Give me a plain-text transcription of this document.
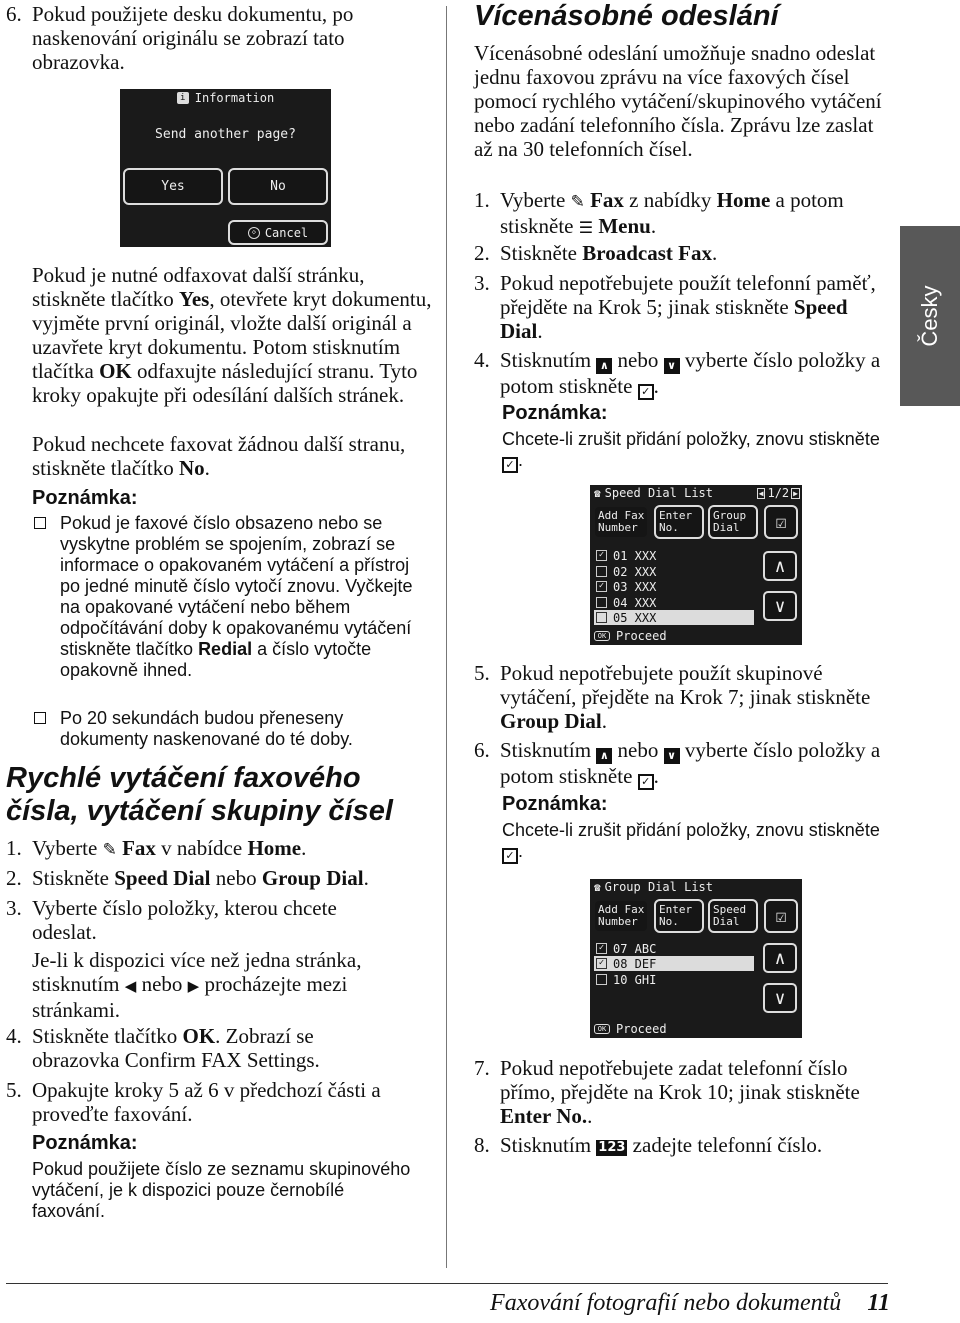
6. Pokud použijete desku dokumentu, po naskenování originálu se zobrazí tato obrazovka.
i Information
Send another page?
Yes	No
◇ Cancel
Pokud je nutné odfaxovat další stránku, stiskněte tlačítko Yes, otevřete kryt dokumentu, vyjměte první originál, vložte další originál a uzavřete kryt dokumentu. Potom stisknutím tlačítka OK odfaxujte následující stranu. Tyto kroky opakujte při odesílání dalších stránek.
Pokud nechcete faxovat žádnou další stranu, stiskněte tlačítko No.
Poznámka:
Pokud je faxové číslo obsazeno nebo se vyskytne problém se spojením, zobrazí se informace o opakovaném vytáčení a přístroj po jedné minutě číslo vytočí znovu. Vyčkejte na opakované vytáčení nebo během odpočítávání doby k opakovanému vytáčení stiskněte tlačítko Redial a číslo vytočte opakovně ihned.
Po 20 sekundách budou přeneseny dokumenty naskenované do té doby.
Rychlé vytáčení faxového čísla, vytáčení skupiny čísel
1. Vyberte ✎ Fax v nabídce Home.
2. Stiskněte Speed Dial nebo Group Dial.
3. Vyberte číslo položky, kterou chcete odeslat.
Je-li k dispozici více než jedna stránka, stisknutím ◀ nebo ▶ procházejte mezi stránkami.
4. Stiskněte tlačítko OK. Zobrazí se obrazovka Confirm FAX Settings.
5. Opakujte kroky 5 až 6 v předchozí části a proveďte faxování.
Poznámka:
Pokud použijete číslo ze seznamu skupinového vytáčení, je k dispozici pouze černobílé faxování.
Vícenásobné odeslání
Vícenásobné odeslání umožňuje snadno odeslat jednu faxovou zprávu na více faxových čísel pomocí rychlého vytáčení/skupinového vytáčení nebo zadání telefonního čísla. Zprávu lze zaslat až na 30 telefonních čísel.
1. Vyberte ✎ Fax z nabídky Home a potom stiskněte ☰ Menu.
2. Stiskněte Broadcast Fax.
3. Pokud nepotřebujete použít telefonní paměť, přejděte na Krok 5; jinak stiskněte Speed Dial.
4. Stisknutím ∧ nebo ∨ vyberte číslo položky a potom stiskněte ✓ .
Poznámka:
Chcete-li zrušit přidání položky, znovu stiskněte ✓ .
☎ Speed Dial List	◀ 1/2 ▶
Add Fax Number
Enter No.
Group Dial	☑
✓ 01 XXX
02 XXX
✓ 03 XXX
04 XXX
05 XXX
∧
∨
OK Proceed
5. Pokud nepotřebujete použít skupinové vytáčení, přejděte na Krok 7; jinak stiskněte Group Dial.
6. Stisknutím ∧ nebo ∨ vyberte číslo položky a potom stiskněte ✓ .
Poznámka:
Chcete-li zrušit přidání položky, znovu stiskněte ✓ .
☎ Group Dial List
Add Fax Number
Enter No.
Speed Dial	☑
✓ 07 ABC
✓ 08 DEF
10 GHI
∧
∨
OK Proceed
7. Pokud nepotřebujete zadat telefonní číslo přímo, přejděte na Krok 10; jinak stiskněte Enter No..
8. Stisknutím 123 zadejte telefonní číslo.
Česky
Faxování fotografií nebo dokumentů 11
